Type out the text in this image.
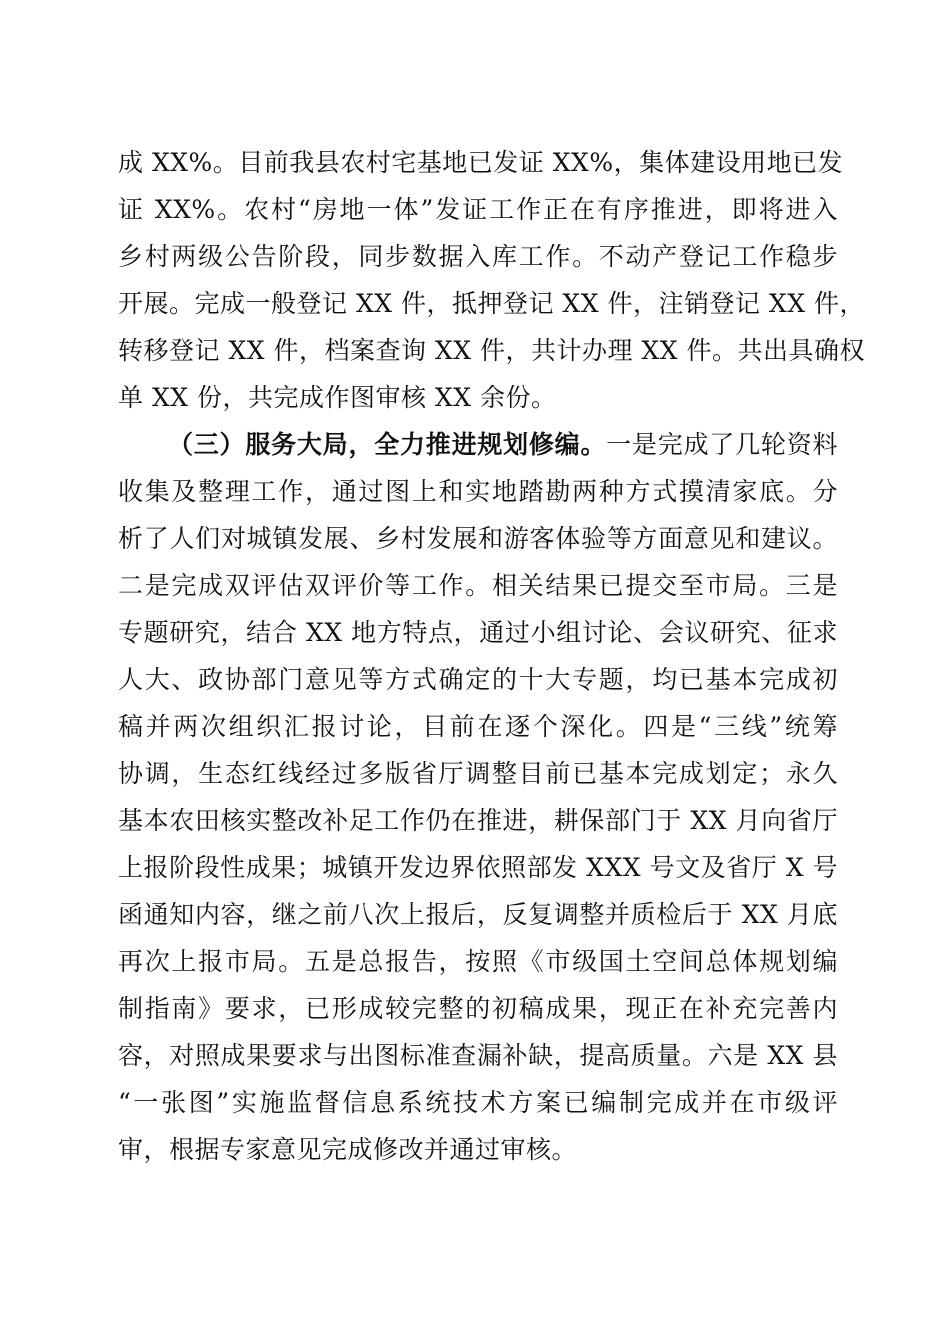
成 XX%。目前我县农村宅基地已发证 XX%，集体建设用地已发
证 XX%。农村“房地一体”发证工作正在有序推进，即将进入
乡村两级公告阶段，同步数据入库工作。不动产登记工作稳步
开展。完成一般登记 XX 件，抵押登记 XX 件，注销登记 XX 件，
转移登记 XX 件，档案查询 XX 件，共计办理 XX 件。共出具确权
单 XX 份，共完成作图审核 XX 余份。
（三）服务大局，全力推进规划修编。一是完成了几轮资料
收集及整理工作，通过图上和实地踏勘两种方式摸清家底。分
析了人们对城镇发展、乡村发展和游客体验等方面意见和建议。
二是完成双评估双评价等工作。相关结果已提交至市局。三是
专题研究，结合 XX 地方特点，通过小组讨论、会议研究、征求
人大、政协部门意见等方式确定的十大专题，均已基本完成初
稿并两次组织汇报讨论，目前在逐个深化。四是“三线”统筹
协调，生态红线经过多版省厅调整目前已基本完成划定；永久
基本农田核实整改补足工作仍在推进，耕保部门于 XX 月向省厅
上报阶段性成果；城镇开发边界依照部发 XXX 号文及省厅 X 号
函通知内容，继之前八次上报后，反复调整并质检后于 XX 月底
再次上报市局。五是总报告，按照《市级国土空间总体规划编
制指南》要求，已形成较完整的初稿成果，现正在补充完善内
容，对照成果要求与出图标准查漏补缺，提高质量。六是 XX 县
“一张图”实施监督信息系统技术方案已编制完成并在市级评
审，根据专家意见完成修改并通过审核。
